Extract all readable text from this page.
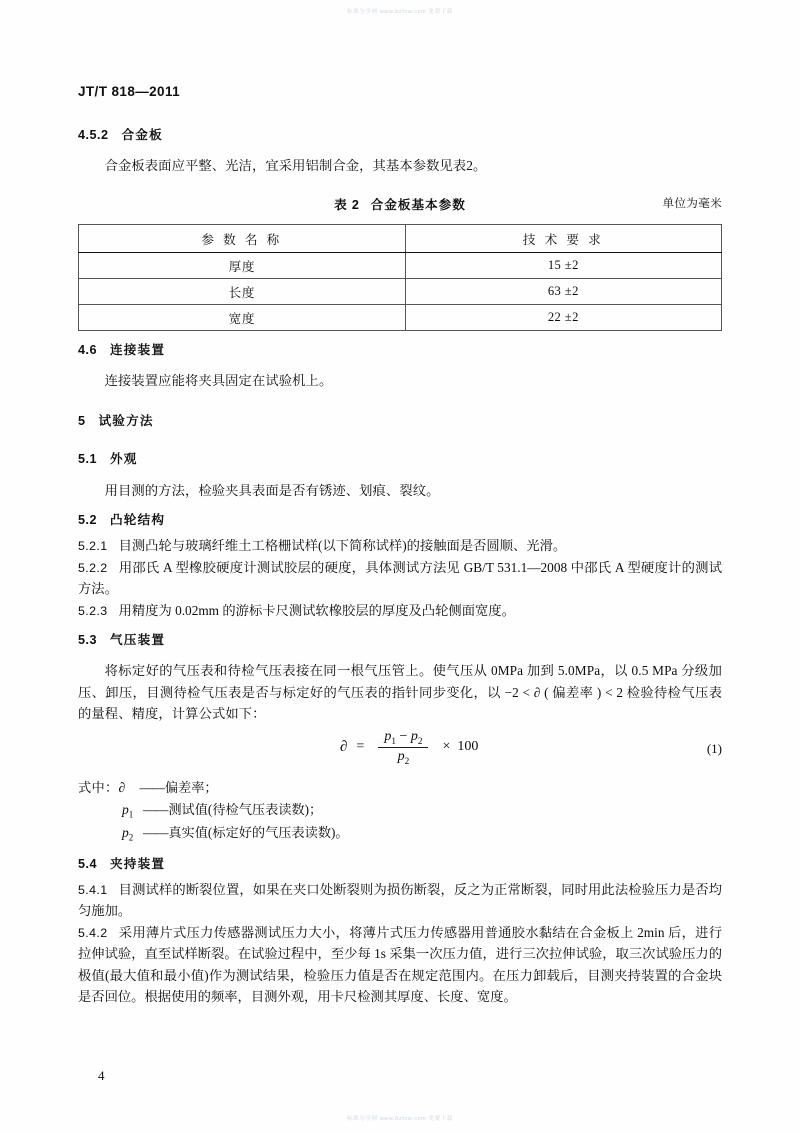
标准分享网 www.bzfxw.com 免费下载
JT/T 818—2011
4.5.2 合金板

合金板表面应平整、光洁，宜采用铝制合金，其基本参数见表2。

表 2 合金板基本参数	单位为毫米

参 数 名 称	技 术 要 求
厚度	15 ±2
长度	63 ±2
宽度	22 ±2
4.6 连接装置

连接装置应能将夹具固定在试验机上。

5 试验方法
5.1 外观

用目测的方法，检验夹具表面是否有锈迹、划痕、裂纹。

5.2 凸轮结构

5.2.1 目测凸轮与玻璃纤维土工格栅试样(以下简称试样)的接触面是否圆顺、光滑。

5.2.2 用邵氏 A 型橡胶硬度计测试胶层的硬度，具体测试方法见 GB/T 531.1—2008 中邵氏 A 型硬度计的测试方法。

5.2.3 用精度为 0.02mm 的游标卡尺测试软橡胶层的厚度及凸轮侧面宽度。

5.3 气压装置

将标定好的气压表和待检气压表接在同一根气压管上。使气压从 0MPa 加到 5.0MPa，以 0.5 MPa 分级加压、卸压，目测待检气压表是否与标定好的气压表的指针同步变化，以 −2 < ∂ ( 偏差率 ) < 2 检验待检气压表的量程、精度，计算公式如下：

∂ = $\frac{p_1 - p_2}{p_2} \times 100$	(1)
式中：∂ ——偏差率；
$p_1$ ——测试值(待检气压表读数)；
$p_2$ ——真实值(标定好的气压表读数)。
5.4 夹持装置

5.4.1 目测试样的断裂位置，如果在夹口处断裂则为损伤断裂，反之为正常断裂，同时用此法检验压力是否均匀施加。

5.4.2 采用薄片式压力传感器测试压力大小，将薄片式压力传感器用普通胶水黏结在合金板上 2min 后，进行拉伸试验，直至试样断裂。在试验过程中，至少每 1s 采集一次压力值，进行三次拉伸试验，取三次试验压力的极值(最大值和最小值)作为测试结果，检验压力值是否在规定范围内。在压力卸载后，目测夹持装置的合金块是否回位。根据使用的频率，目测外观，用卡尺检测其厚度、长度、宽度。

4
标准分享网 www.bzfxw.com 免费下载
